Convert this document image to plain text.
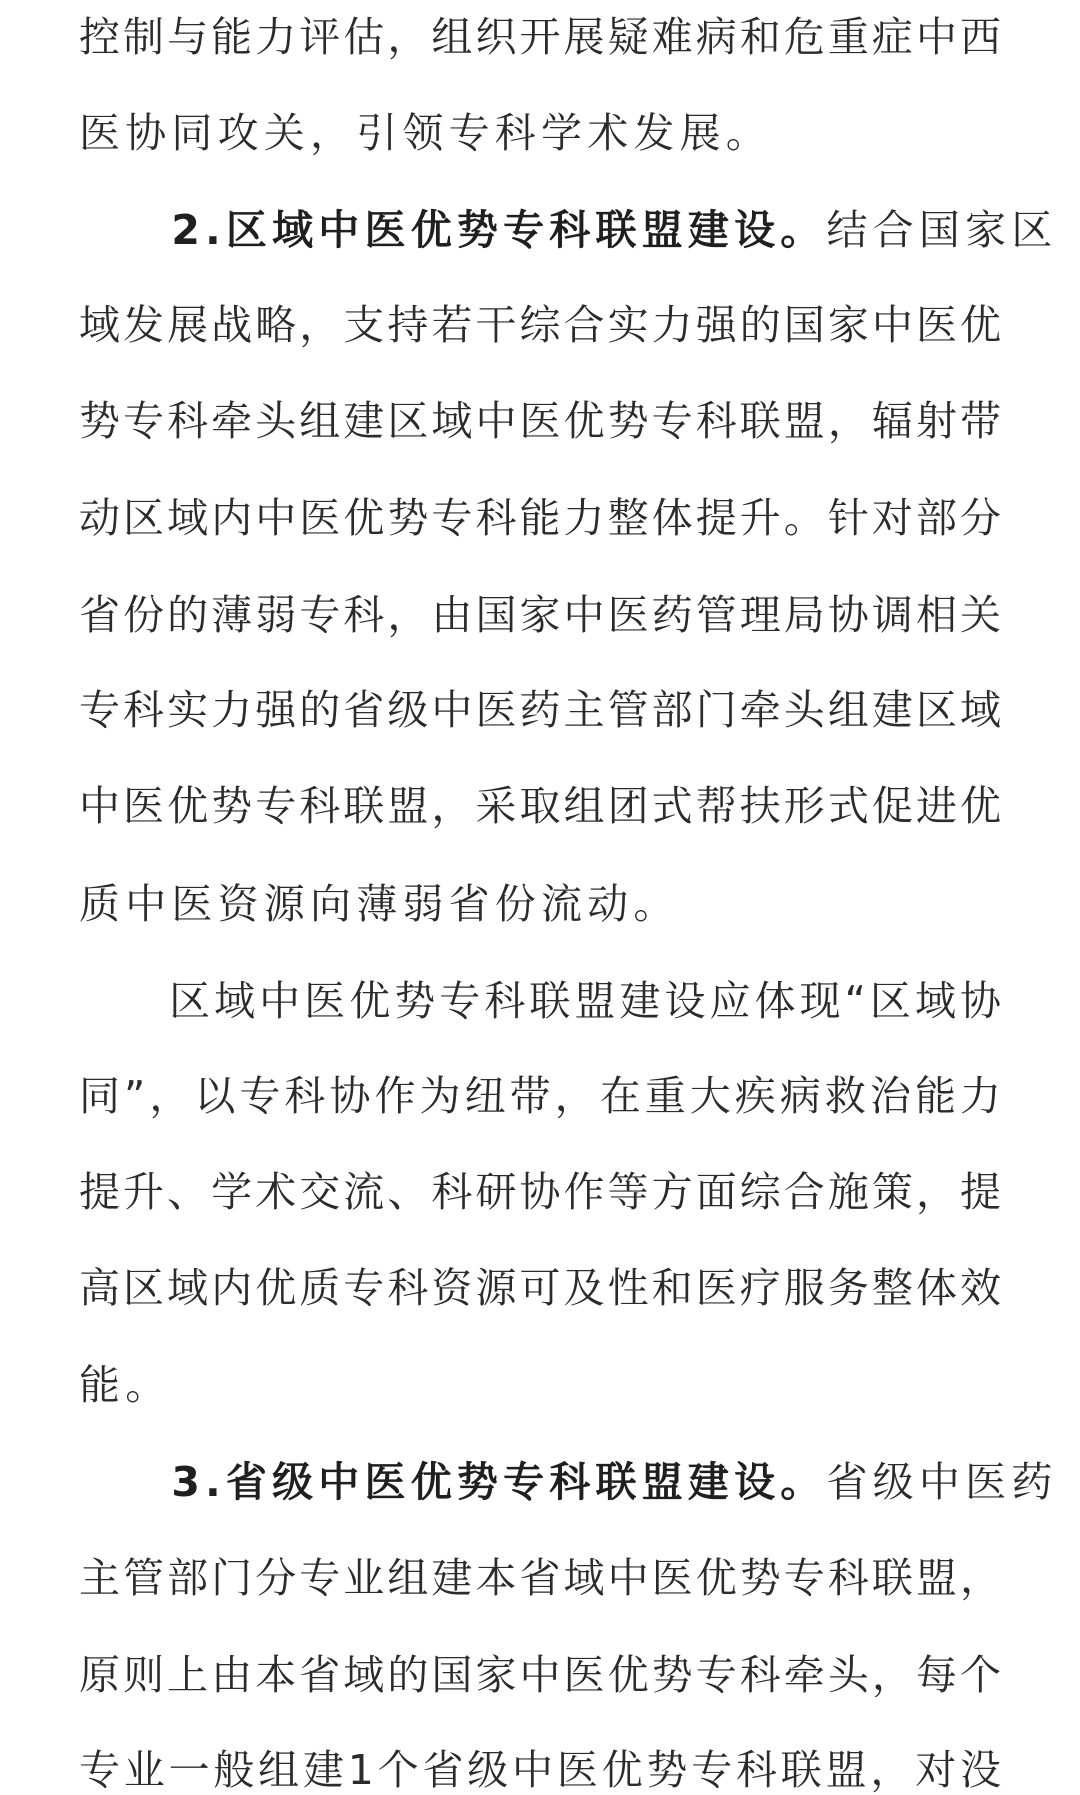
控制与能力评估，组织开展疑难病和危重症中西
医协同攻关，引领专科学术发展。
　　2.区域中医优势专科联盟建设。结合国家区
域发展战略，支持若干综合实力强的国家中医优
势专科牵头组建区域中医优势专科联盟，辐射带
动区域内中医优势专科能力整体提升。针对部分
省份的薄弱专科，由国家中医药管理局协调相关
专科实力强的省级中医药主管部门牵头组建区域
中医优势专科联盟，采取组团式帮扶形式促进优
质中医资源向薄弱省份流动。
　　区域中医优势专科联盟建设应体现“区域协
同”，以专科协作为纽带，在重大疾病救治能力
提升、学术交流、科研协作等方面综合施策，提
高区域内优质专科资源可及性和医疗服务整体效
能。
　　3.省级中医优势专科联盟建设。省级中医药
主管部门分专业组建本省域中医优势专科联盟，
原则上由本省域的国家中医优势专科牵头，每个
专业一般组建1个省级中医优势专科联盟，对没
